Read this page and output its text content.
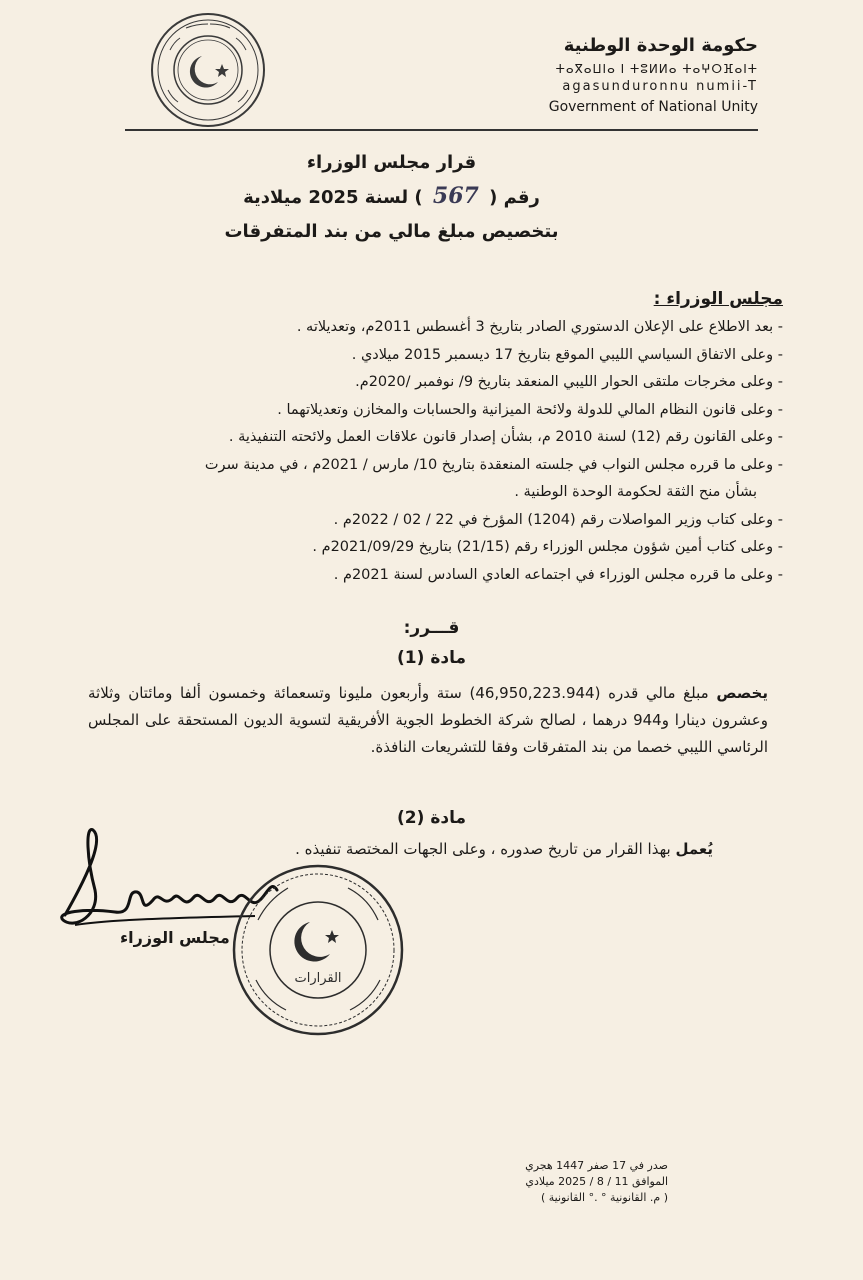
حكومة الوحدة الوطنية
ⵜⴰⴳⴰⵡⵏⴰ ⵏ ⵜⵓⵍⵍⴰ ⵜⴰⵖⵔⴼⴰⵏⵜ
agasunduronnu numii-T
Government of National Unity
قرار مجلس الوزراء
رقم ( 567 ) لسنة 2025 ميلادية
بتخصيص مبلغ مالي من بند المتفرقات
مجلس الوزراء :
- بعد الاطلاع على الإعلان الدستوري الصادر بتاريخ 3 أغسطس 2011م، وتعديلاته .
- وعلى الاتفاق السياسي الليبي الموقع بتاريخ 17 ديسمبر 2015 ميلادي .
- وعلى مخرجات ملتقى الحوار الليبي المنعقد بتاريخ 9/ نوفمبر /2020م.
- وعلى قانون النظام المالي للدولة ولائحة الميزانية والحسابات والمخازن وتعديلاتهما .
- وعلى القانون رقم (12) لسنة 2010 م، بشأن إصدار قانون علاقات العمل ولائحته التنفيذية .
- وعلى ما قرره مجلس النواب في جلسته المنعقدة بتاريخ 10/ مارس / 2021م ، في مدينة سرت
بشأن منح الثقة لحكومة الوحدة الوطنية .
- وعلى كتاب وزير المواصلات رقم (1204) المؤرخ في 22 / 02 / 2022م .
- وعلى كتاب أمين شؤون مجلس الوزراء رقم (21/15) بتاريخ 2021/09/29م .
- وعلى ما قرره مجلس الوزراء في اجتماعه العادي السادس لسنة 2021م .
قـــرر:
مادة (1)
يخصص مبلغ مالي قدره (46,950,223.944) ستة وأربعون مليونا وتسعمائة وخمسون ألفا ومائتان وثلاثة وعشرون دينارا و944 درهما ، لصالح شركة الخطوط الجوية الأفريقية لتسوية الديون المستحقة على المجلس الرئاسي الليبي خصما من بند المتفرقات وفقا للتشريعات النافذة.
مادة (2)
يُعمل بهذا القرار من تاريخ صدوره ، وعلى الجهات المختصة تنفيذه .
مجلس الوزراء
القرارات
صدر في 17 صفر 1447 هجري
الموافق 11 / 8 / 2025 ميلادي
( م. القانونية ° .° القانونية )
